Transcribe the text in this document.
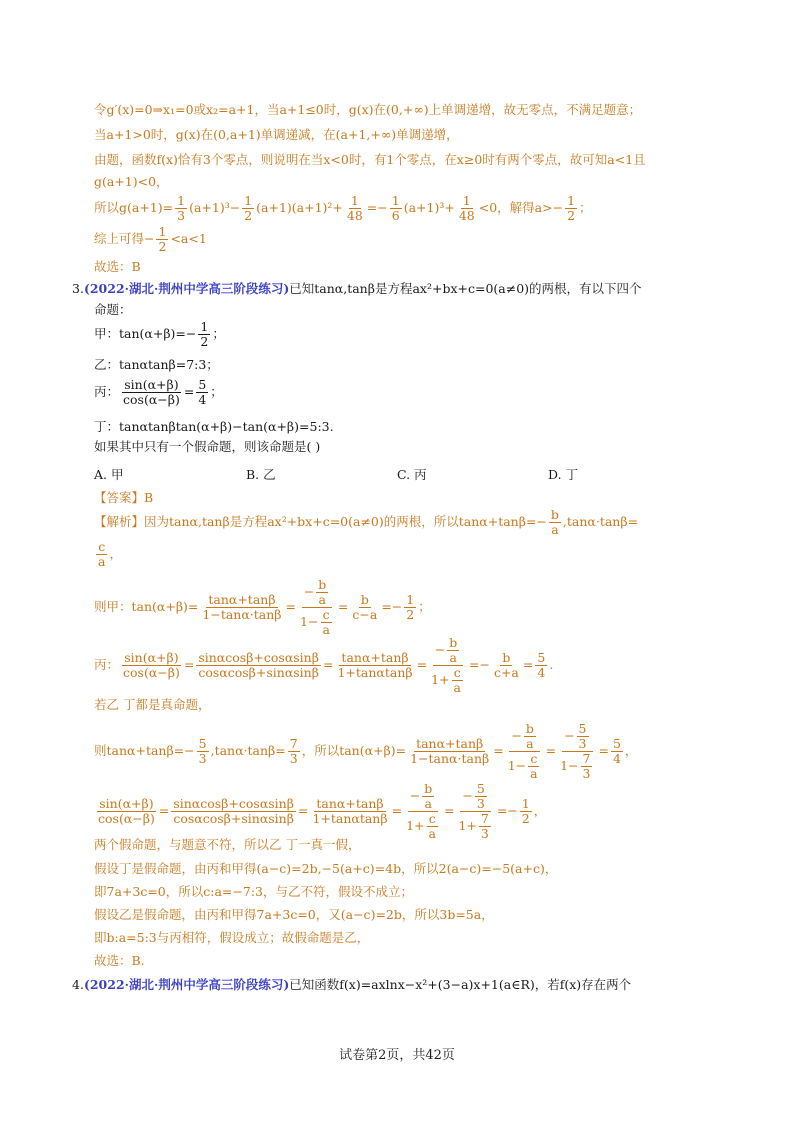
令g′(x)=0⇒x₁=0或x₂=a+1，当a+1≤0时，g(x)在(0,+∞)上单调递增，故无零点，不满足题意；
当a+1>0时，g(x)在(0,a+1)单调递减，在(a+1,+∞)单调递增，
由题，函数f(x)恰有3个零点，则说明在当x<0时，有1个零点，在x≥0时有两个零点，故可知a<1且
g(a+1)<0，
所以$g(a+1)= \frac{1}{3} (a+1)^3- \frac{1}{2} (a+1)(a+1)^2+ \frac{1}{48} =- \frac{1}{6} (a+1)^3+ \frac{1}{48} <0$，解得$a>- \frac{1}{2}$ ；
综上可得− $\frac{1}{2} <a<1$
故选：B
3.(2022·湖北·荆州中学高三阶段练习)已知tanα,tanβ是方程ax²+bx+c=0(a≠0)的两根，有以下四个
命题：
甲：$\tan(\alpha+\beta)=- \frac{1}{2}$ ；
乙：tanαtanβ=7:3；
丙： $\frac{\sin(\alpha+\beta)}{\cos(\alpha-\beta)} = \frac{5}{4}$ ；
丁：tanαtanβtan(α+β)−tan(α+β)=5:3.
如果其中只有一个假命题，则该命题是( )
A. 甲	B. 乙	C. 丙	D. 丁
【答案】B
【解析】因为tanα,tanβ是方程ax²+bx+c=0(a≠0)的两根，所以$\tan\alpha+\tan\beta=- \frac{b}{a} ,\tan\alpha\cdot\tan\beta=$
$\frac{c}{a}$ ，
则甲：$\tan(\alpha+\beta)= \frac{\tan\alpha+\tan\beta}{1-\tan\alpha\cdot\tan\beta} = \frac{- \frac{b}{a}}{1- \frac{c}{a}} = \frac{b}{c-a} =- \frac{1}{2}$ ；
丙： $\frac{\sin(\alpha+\beta)}{\cos(\alpha-\beta)} = \frac{\sin\alpha\cos\beta+\cos\alpha\sin\beta}{\cos\alpha\cos\beta+\sin\alpha\sin\beta} = \frac{\tan\alpha+\tan\beta}{1+\tan\alpha\tan\beta} = \frac{- \frac{b}{a}}{1+ \frac{c}{a}} =- \frac{b}{c+a} = \frac{5}{4}$ .
若乙 丁都是真命题，
则$\tan\alpha+\tan\beta=- \frac{5}{3} ,\tan\alpha\cdot\tan\beta= \frac{7}{3}$ ，所以$\tan(\alpha+\beta)= \frac{\tan\alpha+\tan\beta}{1-\tan\alpha\cdot\tan\beta} = \frac{- \frac{b}{a}}{1- \frac{c}{a}} = \frac{- \frac{5}{3}}{1- \frac{7}{3}} = \frac{5}{4}$ ，
$\frac{\sin(\alpha+\beta)}{\cos(\alpha-\beta)} = \frac{\sin\alpha\cos\beta+\cos\alpha\sin\beta}{\cos\alpha\cos\beta+\sin\alpha\sin\beta} = \frac{\tan\alpha+\tan\beta}{1+\tan\alpha\tan\beta} = \frac{- \frac{b}{a}}{1+ \frac{c}{a}} = \frac{- \frac{5}{3}}{1+ \frac{7}{3}} =- \frac{1}{2}$ ，
两个假命题，与题意不符，所以乙 丁一真一假，
假设丁是假命题，由丙和甲得(a−c)=2b,−5(a+c)=4b，所以2(a−c)=−5(a+c)，
即7a+3c=0，所以c:a=−7:3，与乙不符，假设不成立；
假设乙是假命题，由丙和甲得7a+3c=0，又(a−c)=2b，所以3b=5a，
即b:a=5:3与丙相符，假设成立；故假命题是乙，
故选：B.
4.(2022·湖北·荆州中学高三阶段练习)已知函数f(x)=axlnx−x²+(3−a)x+1(a∈R)，若f(x)存在两个
试卷第2页，共42页
